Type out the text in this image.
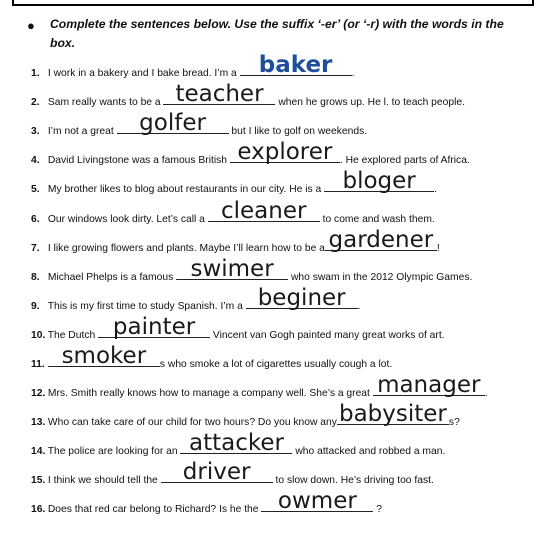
●	Complete the sentences below. Use the suffix ‘-er’ (or ‘-r) with the words in the box.
1. I work in a bakery and I bake bread. I’m a baker	.
2. Sam really wants to be a teacher	when he grows up. He l. to teach people.
3. I’m not a great golfer	but I like to golf on weekends.
4. David Livingstone was a famous British explorer . He explored parts of Africa.
5. My brother likes to blog about restaurants in our city. He is a bloger	.
6. Our windows look dirty. Let’s call a cleaner	to come and wash them.
7. I like growing flowers and plants. Maybe I’ll learn how to be a gardener !
8. Michael Phelps is a famous swimer	who swam in the 2012 Olympic Games.
9. This is my first time to study Spanish. I’m a beginer	.
10. The Dutch painter	Vincent van Gogh painted many great works of art.
11. smoker	s who smoke a lot of cigarettes usually cough a lot.
12. Mrs. Smith really knows how to manage a company well. She’s a great manager .
13. Who can take care of our child for two hours? Do you know any babysiter s?
14. The police are looking for an attacker who attacked and robbed a man.
15. I think we should tell the driver	to slow down. He’s driving too fast.
16. Does that red car belong to Richard? Is he the owmer	?
